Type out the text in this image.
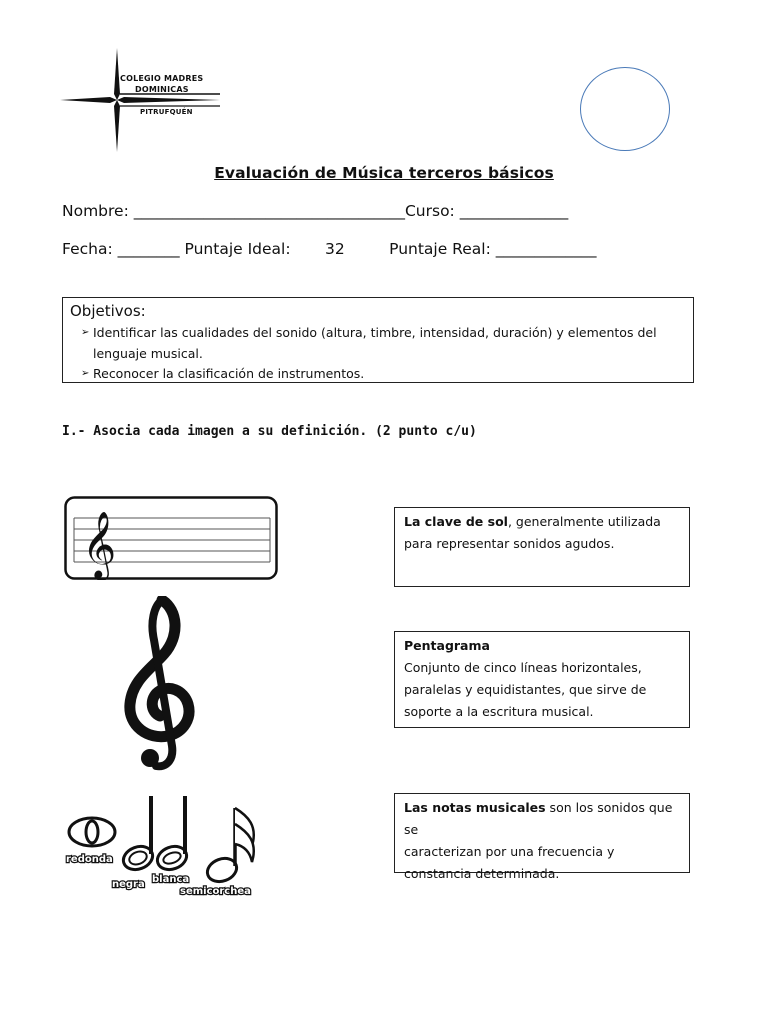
COLEGIO MADRES
DOMINICAS
PITRUFQUÉN
Evaluación de Música terceros básicos
Nombre: ___________________________________Curso: ______________
Fecha: ________ Puntaje Ideal:       32         Puntaje Real: _____________
Objetivos:
➢ Identificar las cualidades del sonido (altura, timbre, intensidad, duración) y elementos del
lenguaje musical.
➢ Reconocer la clasificación de instrumentos.
I.- Asocia cada imagen a su definición. (2 punto c/u)
𝄞
redonda
negra blanca
semicorchea
La clave de sol, generalmente utilizada
para representar sonidos agudos.
Pentagrama
Conjunto de cinco líneas horizontales,
paralelas y equidistantes, que sirve de
soporte a la escritura musical.
Las notas musicales son los sonidos que se
caracterizan por una frecuencia y
constancia determinada.
